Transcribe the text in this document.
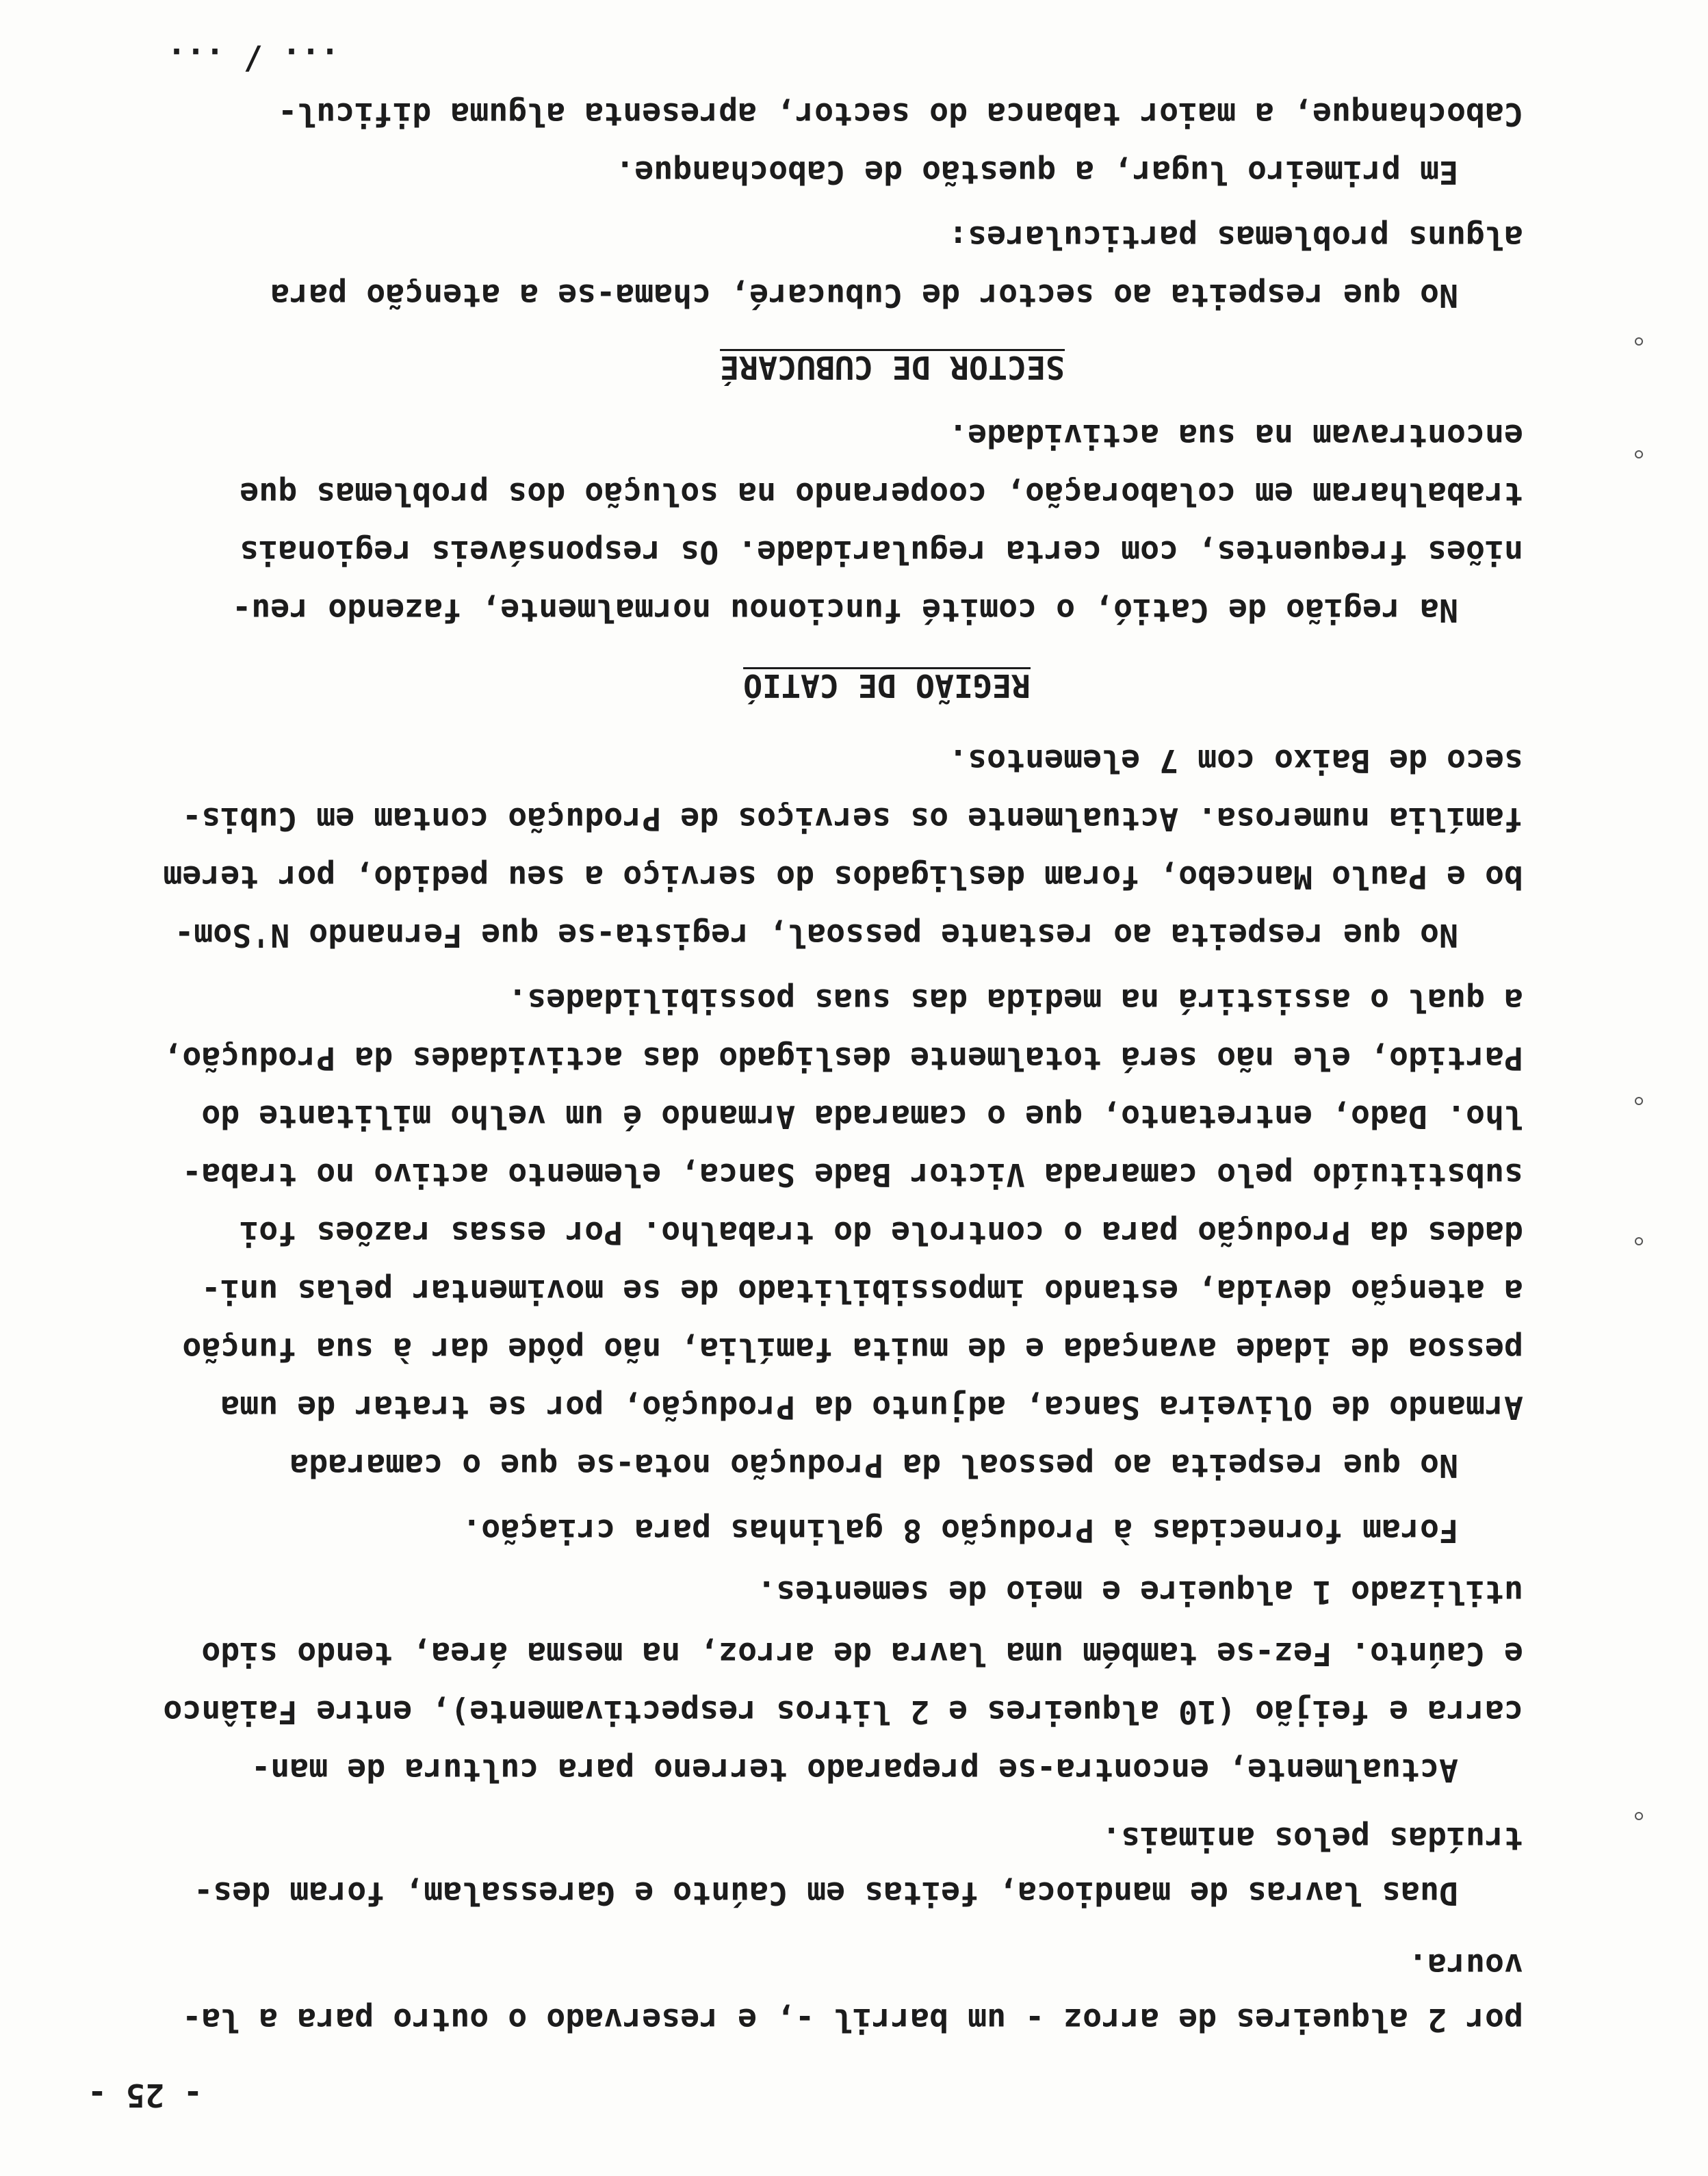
- 25 -
por 2 alqueires de arroz - um barril -, e reservado o outro para a la-
voura.
Duas lavras de mandioca, feitas em Caúnto e Garessalam, foram des-
truídas pelos animais.
Actualmente, encontra-se preparado terreno para cultura de man-
carra e feijão (10 alqueires e 2 litros respectivamente), entre Faiânco
e Caúnto. Fez-se também uma lavra de arroz, na mesma área, tendo sido
utilizado 1 alqueire e meio de sementes.
Foram fornecidas à Produção 8 galinhas para criação.
No que respeita ao pessoal da Produção nota-se que o camarada
Armando de Oliveira Sanca, adjunto da Produção, por se tratar de uma
pessoa de idade avançada e de muita família, não pôde dar à sua função
a atenção devida, estando impossibilitado de se movimentar pelas uni-
dades da Produção para o controle do trabalho. Por essas razões foi
substituído pelo camarada Victor Bade Sanca, elemento activo no traba-
lho. Dado, entretanto, que o camarada Armando é um velho militante do
Partido, ele não será totalmente desligado das actividades da Produção,
a qual o assistirá na medida das suas possibilidades.
No que respeita ao restante pessoal, regista-se que Fernando N'Som-
bo e Paulo Mancebo, foram desligados do serviço a seu pedido, por terem
família numerosa. Actualmente os serviços de Produção contam em Cubis-
seco de Baixo com 7 elementos.
REGIÃO DE CATIÓ
Na região de Catió, o comité funcionou normalmente, fazendo reu-
niões frequentes, com certa regularidade. Os responsáveis regionais
trabalharam em colaboração, cooperando na solução dos problemas que
encontravam na sua actividade.
SECTOR DE CUBUCARÉ
No que respeita ao sector de Cubucaré, chama-se a atenção para
alguns problemas particulares:
Em primeiro lugar, a questão de Cabochanque.
Cabochanque, a maior tabanca do sector, apresenta alguma dificul-
... / ...
